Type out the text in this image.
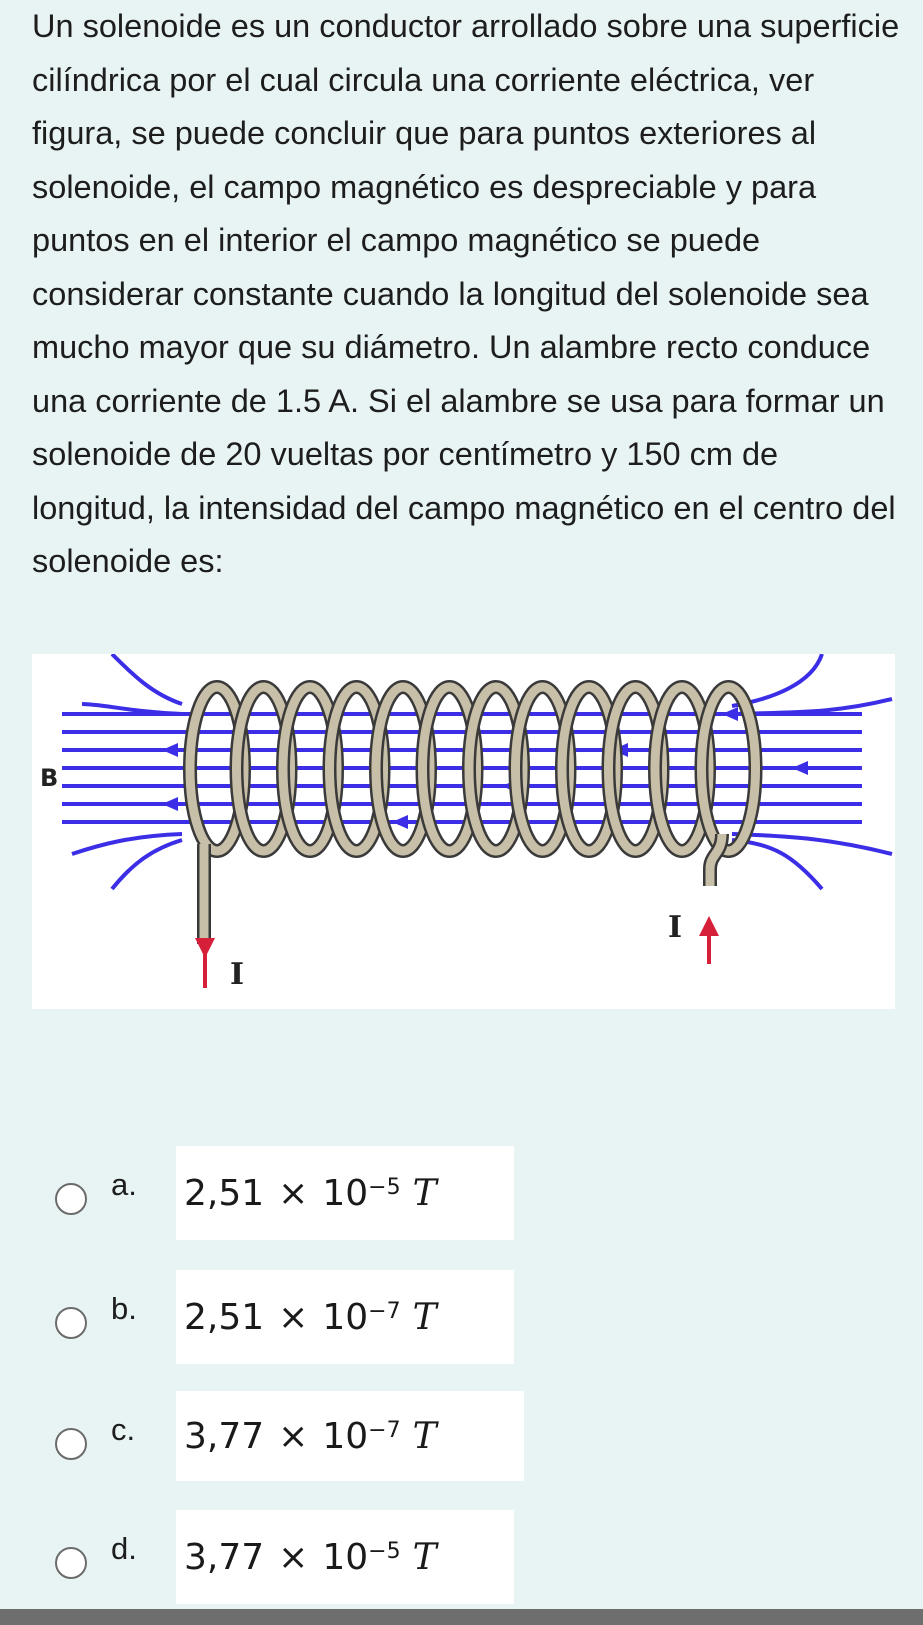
Un solenoide es un conductor arrollado sobre una superficie cilíndrica por el cual circula una corriente eléctrica, ver figura, se puede concluir que para puntos exteriores al solenoide, el campo magnético es despreciable y para puntos en el interior el campo magnético se puede considerar constante cuando la longitud del solenoide sea mucho mayor que su diámetro. Un alambre recto conduce una corriente de 1.5 A. Si el alambre se usa para formar un solenoide de 20 vueltas por centímetro y 150 cm de longitud, la intensidad del campo magnético en el centro del solenoide es:

B
I
I
a. $2,51 \times 10^{-5}$ T
b. $2,51 \times 10^{-7}$ T
c. $3,77 \times 10^{-7}$ T
d. $3,77 \times 10^{-5}$ T
